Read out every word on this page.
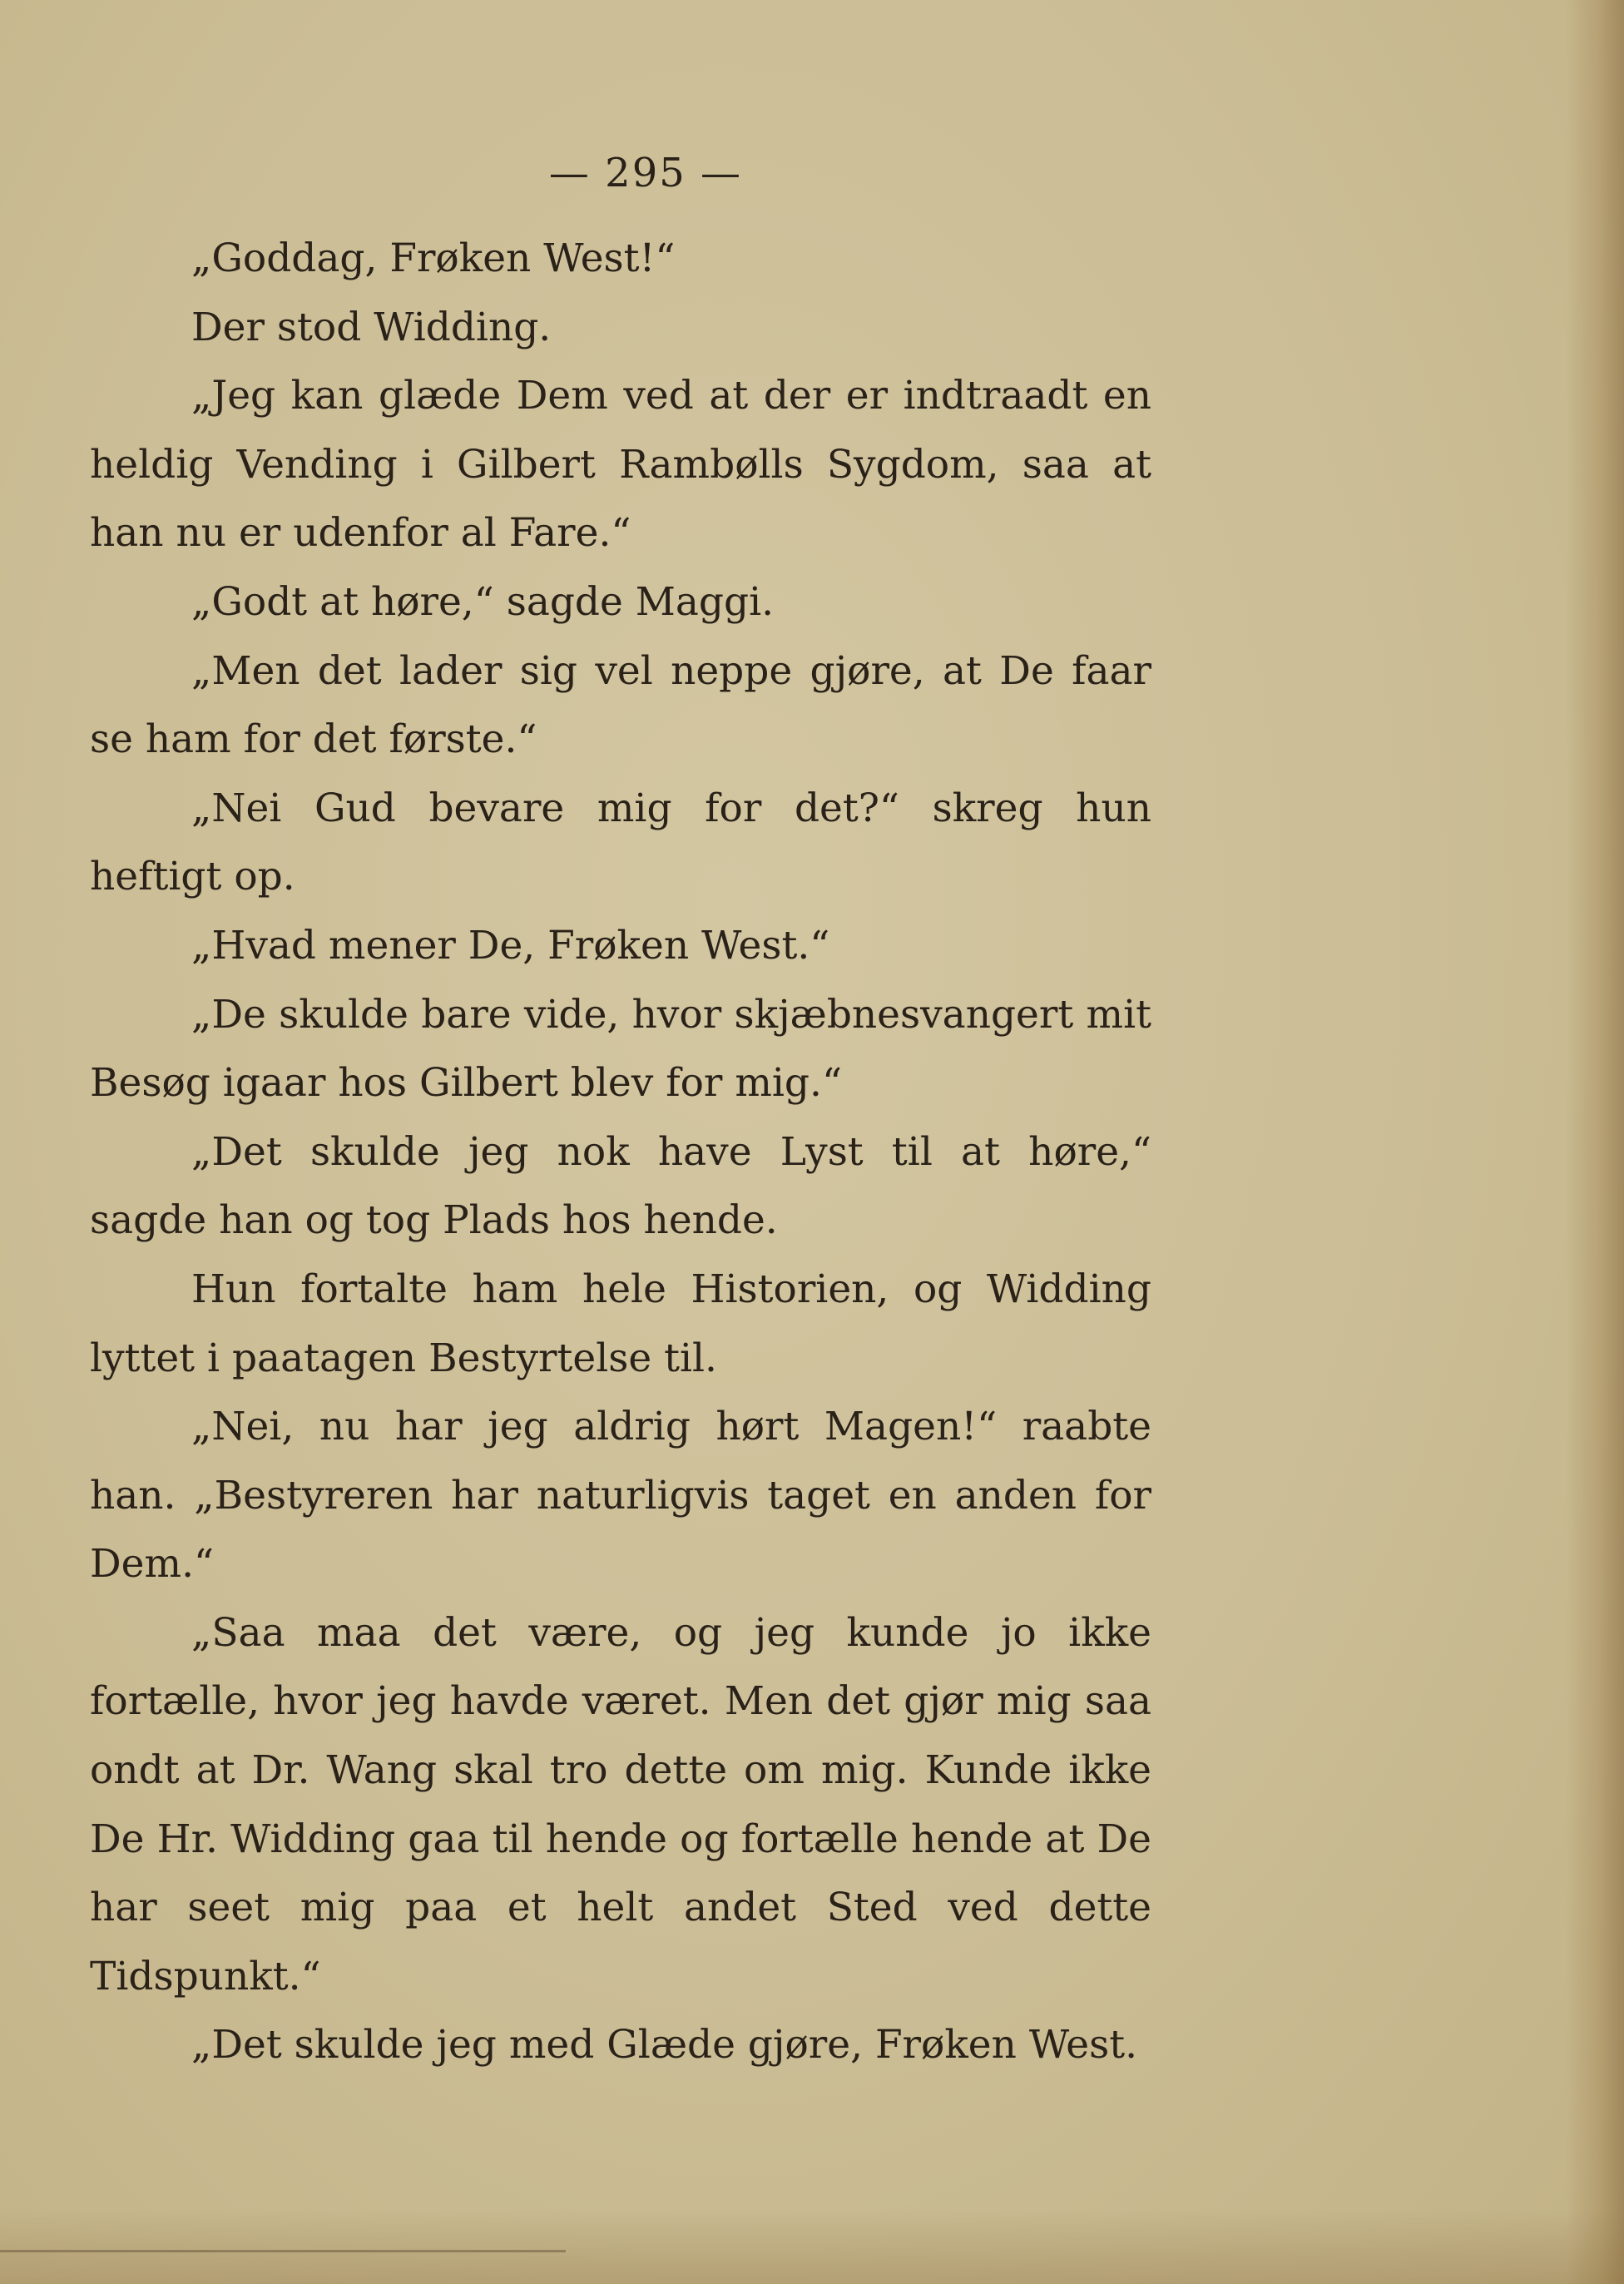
— 295 —

„Goddag, Frøken West!“

Der stod Widding.

„Jeg kan glæde Dem ved at der er indtraadt en heldig Vending i Gilbert Rambølls Sygdom, saa at han nu er udenfor al Fare.“

„Godt at høre,“ sagde Maggi.

„Men det lader sig vel neppe gjøre, at De faar se ham for det første.“

„Nei Gud bevare mig for det?“ skreg hun heftigt op.

„Hvad mener De, Frøken West.“

„De skulde bare vide, hvor skjæbnesvangert mit Besøg igaar hos Gilbert blev for mig.“

„Det skulde jeg nok have Lyst til at høre,“ sagde han og tog Plads hos hende.

Hun fortalte ham hele Historien, og Widding lyttet i paatagen Bestyrtelse til.

„Nei, nu har jeg aldrig hørt Magen!“ raabte han. „Bestyreren har naturligvis taget en anden for Dem.“

„Saa maa det være, og jeg kunde jo ikke fortælle, hvor jeg havde været. Men det gjør mig saa ondt at Dr. Wang skal tro dette om mig. Kunde ikke De Hr. Widding gaa til hende og fortælle hende at De har seet mig paa et helt andet Sted ved dette Tidspunkt.“

„Det skulde jeg med Glæde gjøre, Frøken West.
